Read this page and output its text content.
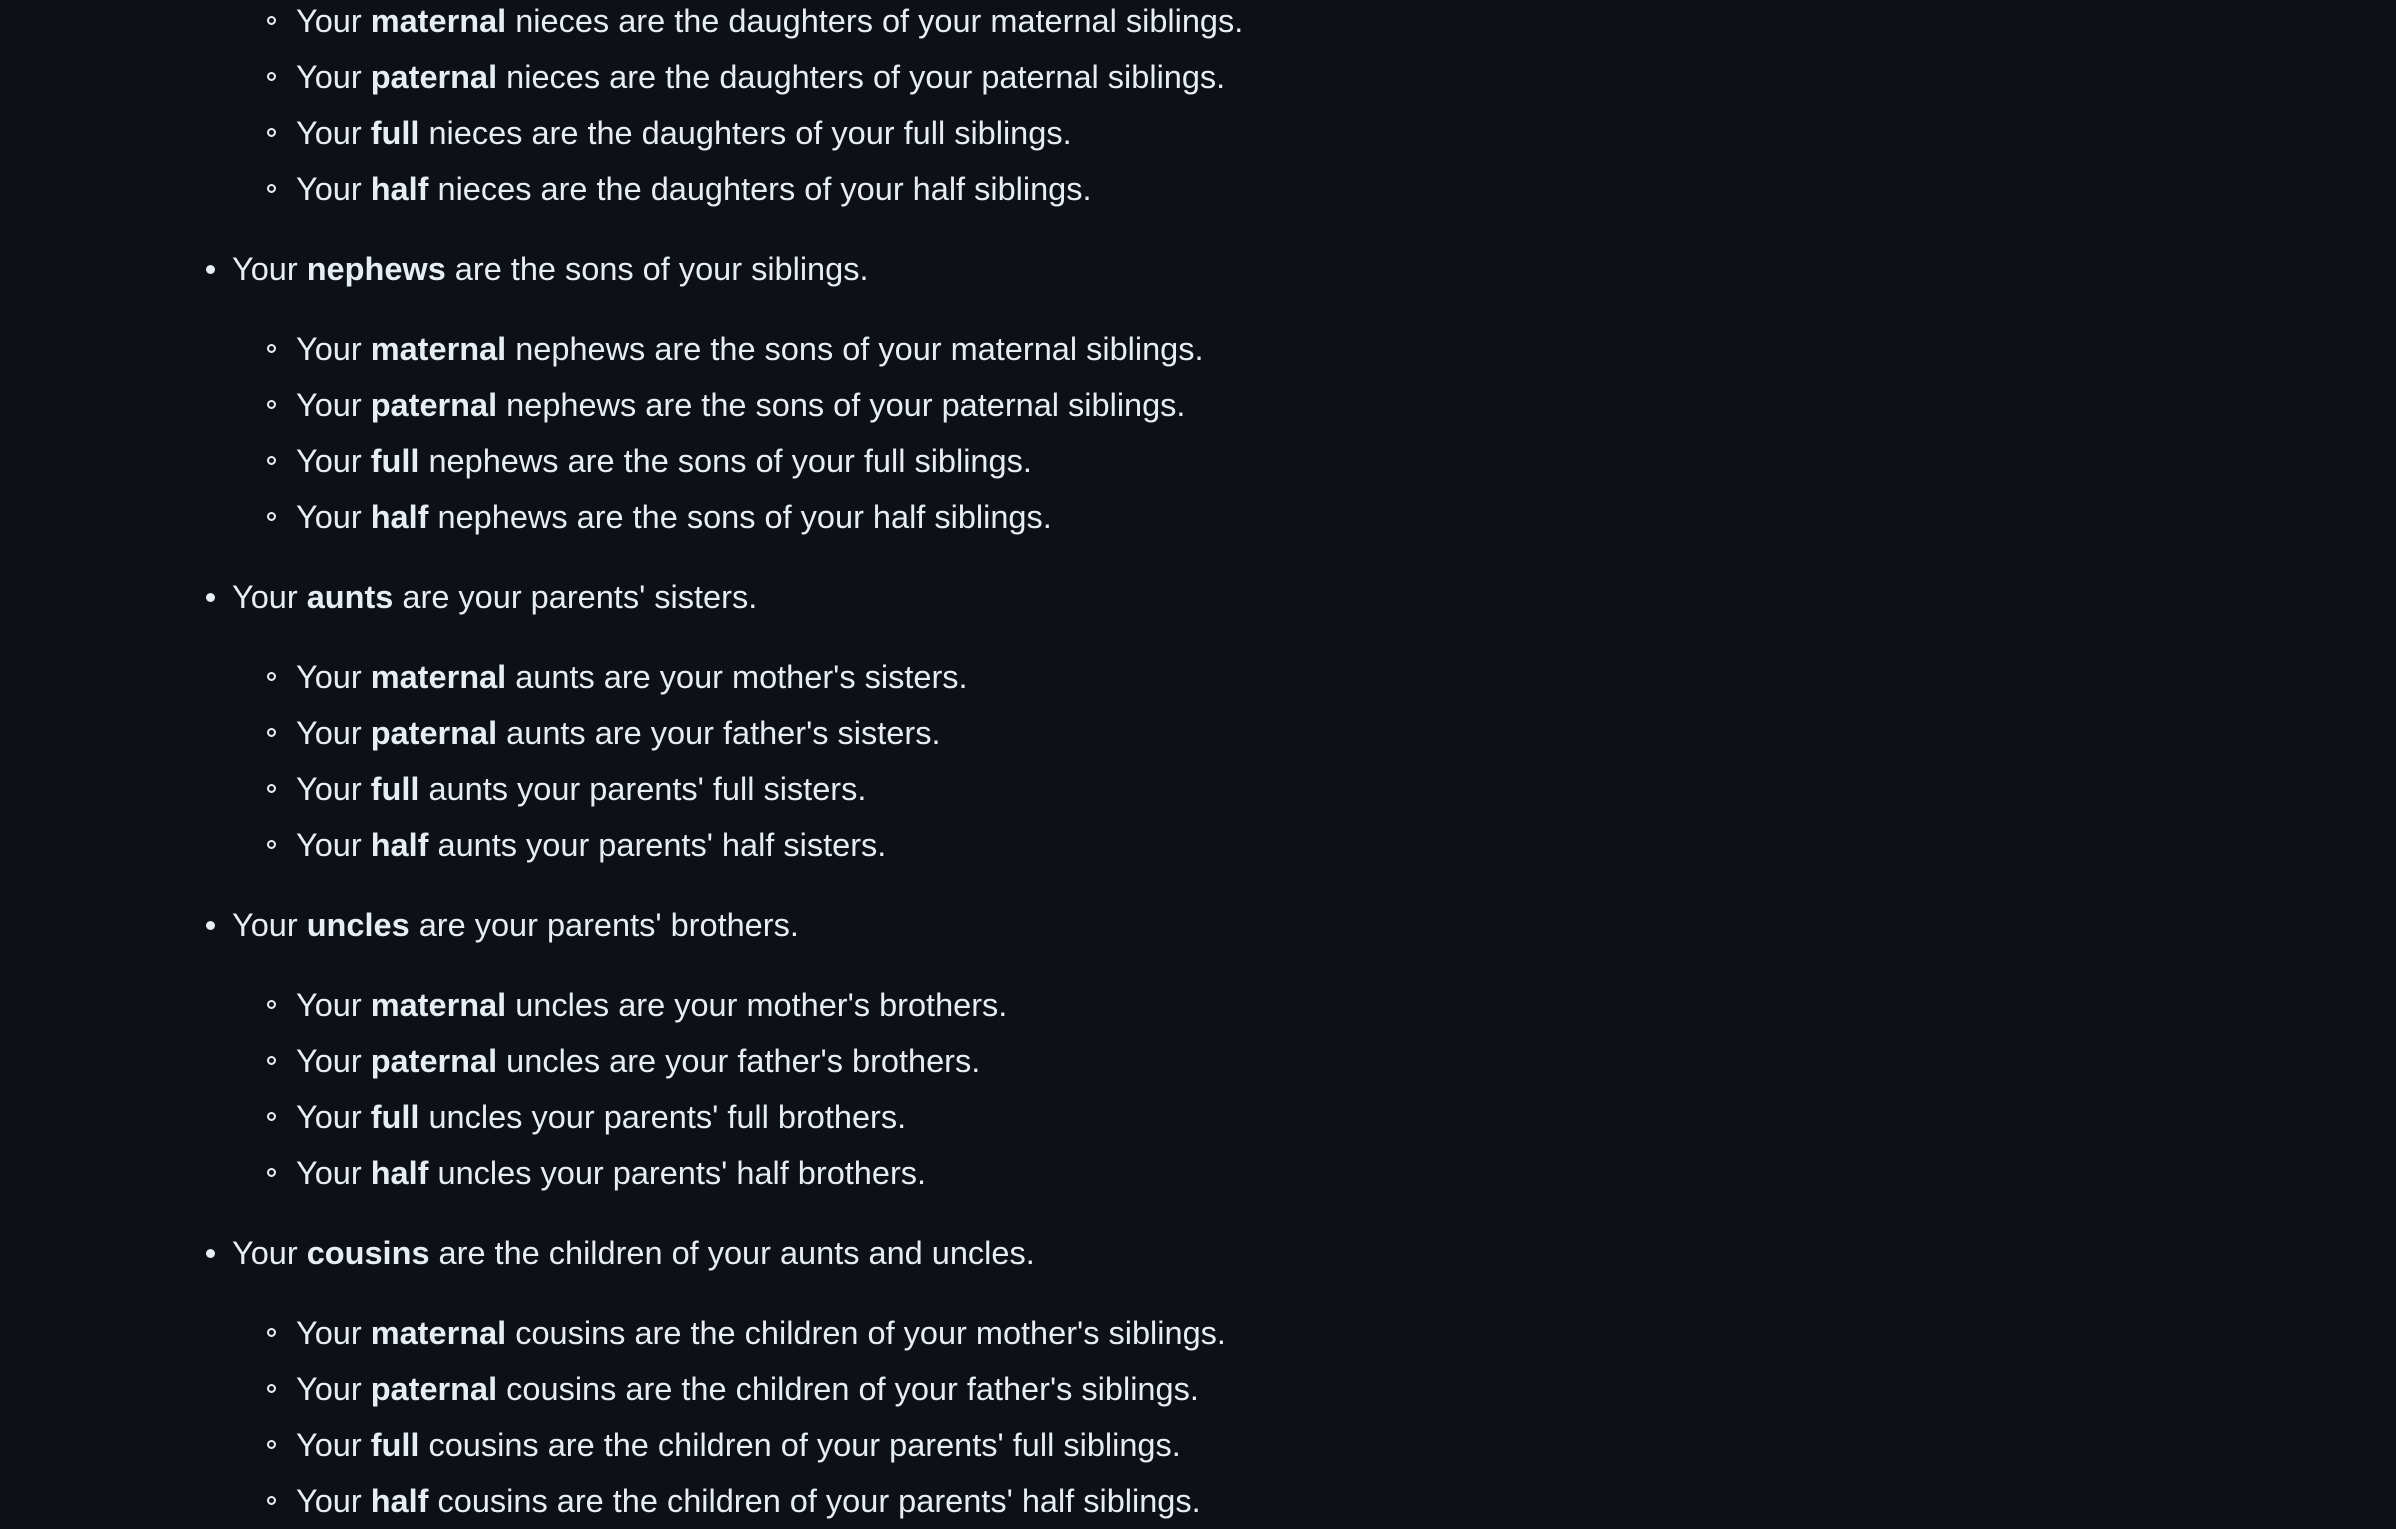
Your maternal nieces are the daughters of your maternal siblings.
Your paternal nieces are the daughters of your paternal siblings.
Your full nieces are the daughters of your full siblings.
Your half nieces are the daughters of your half siblings.
Your nephews are the sons of your siblings.
Your maternal nephews are the sons of your maternal siblings.
Your paternal nephews are the sons of your paternal siblings.
Your full nephews are the sons of your full siblings.
Your half nephews are the sons of your half siblings.
Your aunts are your parents' sisters.
Your maternal aunts are your mother's sisters.
Your paternal aunts are your father's sisters.
Your full aunts your parents' full sisters.
Your half aunts your parents' half sisters.
Your uncles are your parents' brothers.
Your maternal uncles are your mother's brothers.
Your paternal uncles are your father's brothers.
Your full uncles your parents' full brothers.
Your half uncles your parents' half brothers.
Your cousins are the children of your aunts and uncles.
Your maternal cousins are the children of your mother's siblings.
Your paternal cousins are the children of your father's siblings.
Your full cousins are the children of your parents' full siblings.
Your half cousins are the children of your parents' half siblings.
